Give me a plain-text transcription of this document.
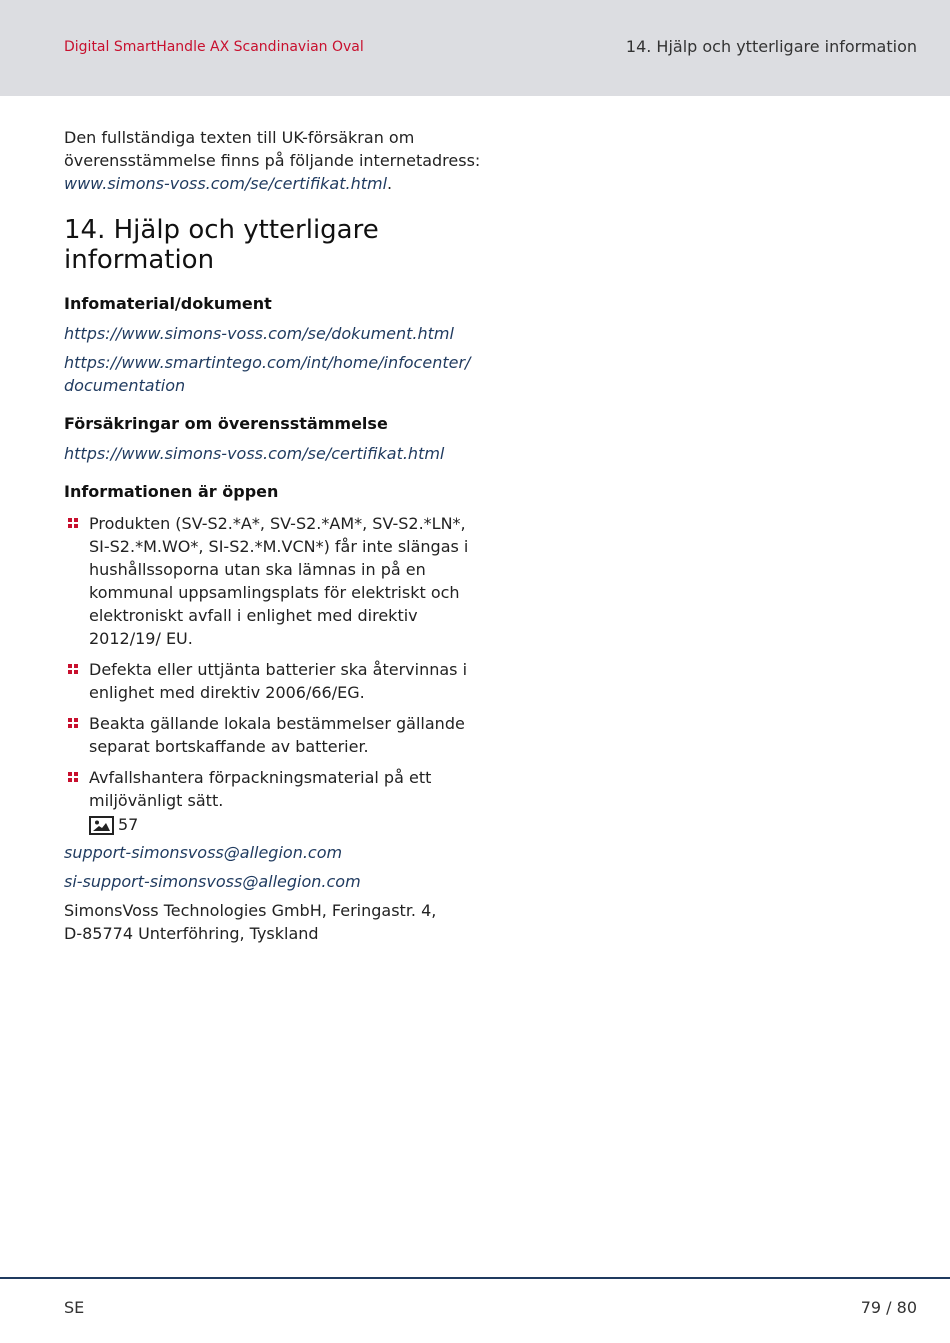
Digital SmartHandle AX Scandinavian Oval	14. Hjälp och ytterligare information

Den fullständiga texten till UK-försäkran om överensstämmelse finns på följande internetadress:

www.simons-voss.com/se/certifikat.html.
14. Hjälp och ytterligare information
Infomaterial/dokument
https://www.simons-voss.com/se/dokument.html
https://www.smartintego.com/int/home/infocenter/
documentation
Försäkringar om överensstämmelse
https://www.simons-voss.com/se/certifikat.html
Informationen är öppen
Produkten (SV-S2.*A*, SV-S2.*AM*, SV-S2.*LN*, SI-S2.*M.WO*, SI-S2.*M.VCN*) får inte slängas i hushållssoporna utan ska lämnas in på en kommunal uppsamlingsplats för elektriskt och elektroniskt avfall i enlighet med direktiv 2012/19/ EU.
Defekta eller uttjänta batterier ska återvinnas i enlighet med direktiv 2006/66/EG.
Beakta gällande lokala bestämmelser gällande separat bortskaffande av batterier.
Avfallshantera förpackningsmaterial på ett miljövänligt sätt.
57
support-simonsvoss@allegion.com
si-support-simonsvoss@allegion.com

SimonsVoss Technologies GmbH, Feringastr. 4,

D-85774 Unterföhring, Tyskland

SE	79 / 80
